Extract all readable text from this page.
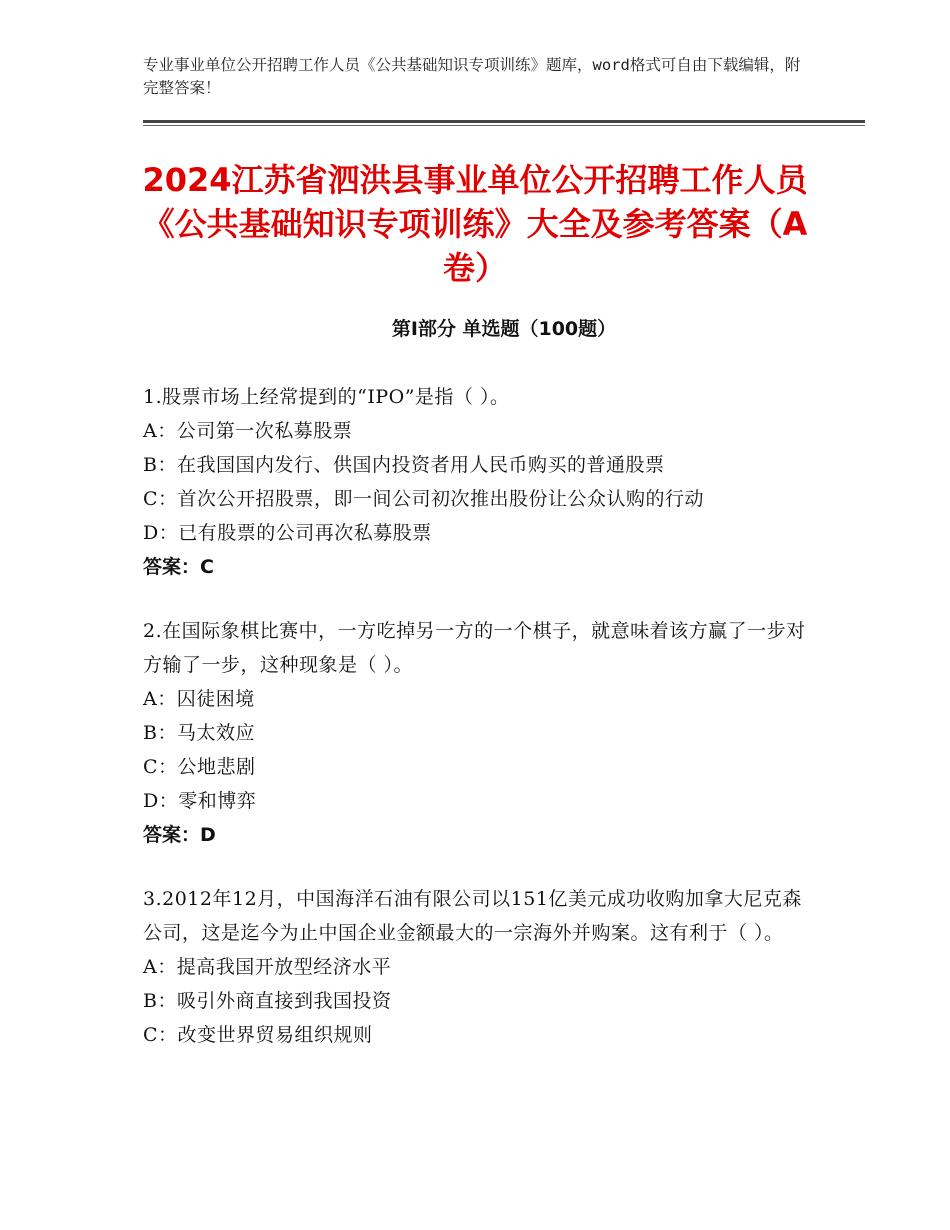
专业事业单位公开招聘工作人员《公共基础知识专项训练》题库，word格式可自由下载编辑，附完整答案！
2024江苏省泗洪县事业单位公开招聘工作人员《公共基础知识专项训练》大全及参考答案（A卷）
第I部分 单选题（100题）
1.股票市场上经常提到的“IPO”是指（ ）。
A：公司第一次私募股票
B：在我国国内发行、供国内投资者用人民币购买的普通股票
C：首次公开招股票，即一间公司初次推出股份让公众认购的行动
D：已有股票的公司再次私募股票
答案：C
2.在国际象棋比赛中，一方吃掉另一方的一个棋子，就意味着该方赢了一步对方输了一步，这种现象是（ ）。
A：囚徒困境
B：马太效应
C：公地悲剧
D：零和博弈
答案：D
3.2012年12月，中国海洋石油有限公司以151亿美元成功收购加拿大尼克森公司，这是迄今为止中国企业金额最大的一宗海外并购案。这有利于（ ）。
A：提高我国开放型经济水平
B：吸引外商直接到我国投资
C：改变世界贸易组织规则
